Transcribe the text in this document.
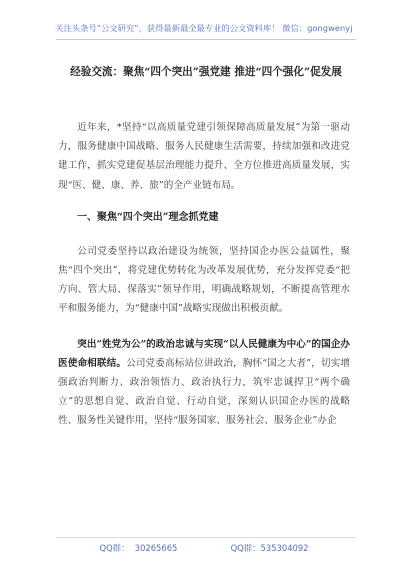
关注头条号“公文研究”，获得最新最全最专业的公文资料库！ 微信：gongwenyj
经验交流：聚焦“四个突出”强党建 推进“四个强化”促发展

近年来，*坚持“以高质量党建引领保障高质量发展”为第一驱动力，服务健康中国战略、服务人民健康生活需要，持续加强和改进党建工作，抓实党建促基层治理能力提升、全方位推进高质量发展，实现“医、健、康、养、旅”的全产业链布局。

一、聚焦“四个突出”理念抓党建

公司党委坚持以政治建设为统领，坚持国企办医公益属性，聚焦“四个突出”，将党建优势转化为改革发展优势，充分发挥党委“把方向、管大局、保落实”领导作用，明确战略规划，不断提高管理水平和服务能力，为“健康中国”战略实现做出积极贡献。

突出“姓党为公”的政治忠诚与实现“以人民健康为中心”的国企办医使命相联结。公司党委高标站位讲政治，胸怀“国之大者”，切实增强政治判断力、政治领悟力、政治执行力，筑牢忠诚捍卫“两个确立”的思想自觉、政治自觉、行动自觉，深刻认识国企办医的战略性、服务性关键作用，坚持“服务国家、服务社会、服务企业”办企

QQ群：  30265665                    QQ群：535304092
